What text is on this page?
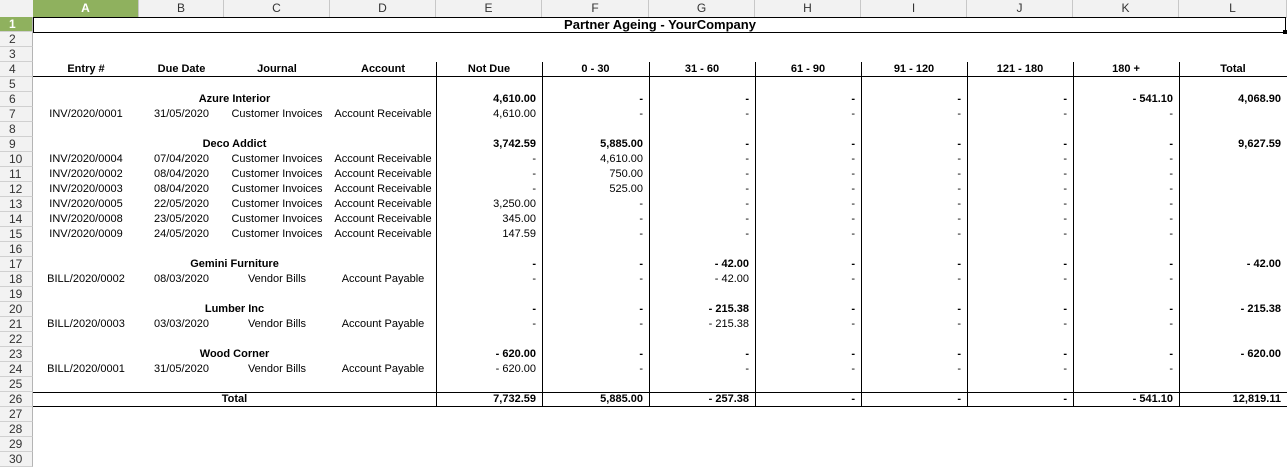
A	B	C	D	E	F	G	H	I	J	K	L
1
2
3
4
5
6
7
8
9
10
11
12
13
14
15
16
17
18
19
20
21
22
23
24
25
26
27
28
29
30
Partner Ageing - YourCompany
Entry #	Due Date	Journal	Account	Not Due	0 - 30	31 - 60	61 - 90	91 - 120	121 - 180	180 +	Total
Azure Interior	4,610.00	-	-	-	-	-	- 541.10	4,068.90
INV/2020/0001	31/05/2020	Customer Invoices	Account Receivable	4,610.00	-	-	-	-	-	-
Deco Addict	3,742.59	5,885.00	-	-	-	-	-	9,627.59
INV/2020/0004	07/04/2020	Customer Invoices	Account Receivable	-	4,610.00	-	-	-	-	-
INV/2020/0002	08/04/2020	Customer Invoices	Account Receivable	-	750.00	-	-	-	-	-
INV/2020/0003	08/04/2020	Customer Invoices	Account Receivable	-	525.00	-	-	-	-	-
INV/2020/0005	22/05/2020	Customer Invoices	Account Receivable	3,250.00	-	-	-	-	-	-
INV/2020/0008	23/05/2020	Customer Invoices	Account Receivable	345.00	-	-	-	-	-	-
INV/2020/0009	24/05/2020	Customer Invoices	Account Receivable	147.59	-	-	-	-	-	-
Gemini Furniture	-	-	- 42.00	-	-	-	-	- 42.00
BILL/2020/0002	08/03/2020	Vendor Bills	Account Payable	-	-	- 42.00	-	-	-	-
Lumber Inc	-	-	- 215.38	-	-	-	-	- 215.38
BILL/2020/0003	03/03/2020	Vendor Bills	Account Payable	-	-	- 215.38	-	-	-	-
Wood Corner	- 620.00	-	-	-	-	-	-	- 620.00
BILL/2020/0001	31/05/2020	Vendor Bills	Account Payable	- 620.00	-	-	-	-	-	-
Total	7,732.59	5,885.00	- 257.38	-	-	-	- 541.10	12,819.11
